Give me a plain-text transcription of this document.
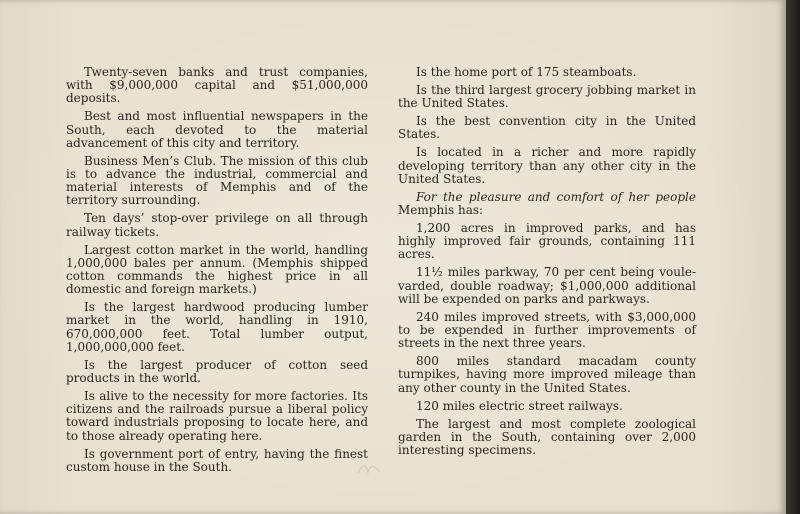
Twenty-seven banks and trust companies, with $9,000,000 capital and $51,000,000 deposits.

Best and most influential newspapers in the South, each devoted to the material advancement of this city and territory.

Business Men’s Club. The mission of this club is to advance the industrial, commercial and material interests of Memphis and of the territory surrounding.

Ten days’ stop-over privilege on all through railway tickets.

Largest cotton market in the world, handling 1,000,000 bales per annum. (Memphis shipped cotton commands the highest price in all domestic and foreign markets.)

Is the largest hardwood producing lumber market in the world, handling in 1910, 670,000,000 feet. Total lumber output, 1,000,000,000 feet.

Is the largest producer of cotton seed products in the world.

Is alive to the necessity for more factories. Its citizens and the railroads pursue a liberal policy toward industrials proposing to locate here, and to those already operating here.

Is government port of entry, having the finest custom house in the South.

Is the home port of 175 steamboats.

Is the third largest grocery jobbing market in the United States.

Is the best convention city in the United States.

Is located in a richer and more rapidly developing territory than any other city in the United States.

For the pleasure and comfort of her people Memphis has:

1,200 acres in improved parks, and has highly improved fair grounds, containing 111 acres.

11½ miles parkway, 70 per cent being voulevarded, double roadway; $1,000,000 additional will be expended on parks and parkways.

240 miles improved streets, with $3,000,000 to be expended in further improvements of streets in the next three years.

800 miles standard macadam county turnpikes, having more improved mileage than any other county in the United States.

120 miles electric street railways.

The largest and most complete zoological garden in the South, containing over 2,000 interesting specimens.
